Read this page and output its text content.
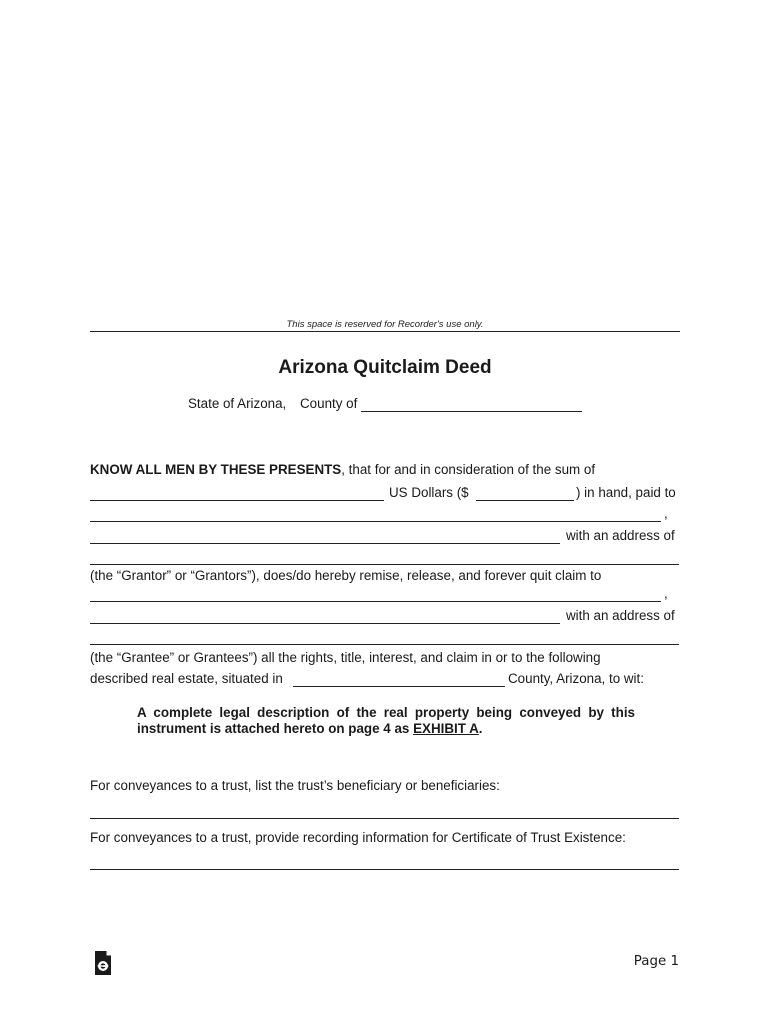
This space is reserved for Recorder's use only.
Arizona Quitclaim Deed
State of Arizona, County of
KNOW ALL MEN BY THESE PRESENTS, that for and in consideration of the sum of
US Dollars ($	) in hand, paid to
,
with an address of
(the “Grantor” or “Grantors”), does/do hereby remise, release, and forever quit claim to
,
with an address of
(the “Grantee” or Grantees”) all the rights, title, interest, and claim in or to the following
described real estate, situated in	County, Arizona, to wit:
A complete legal description of the real property being conveyed by this instrument is attached hereto on page 4 as EXHIBIT A.
For conveyances to a trust, list the trust’s beneficiary or beneficiaries:
For conveyances to a trust, provide recording information for Certificate of Trust Existence:
Page 1
